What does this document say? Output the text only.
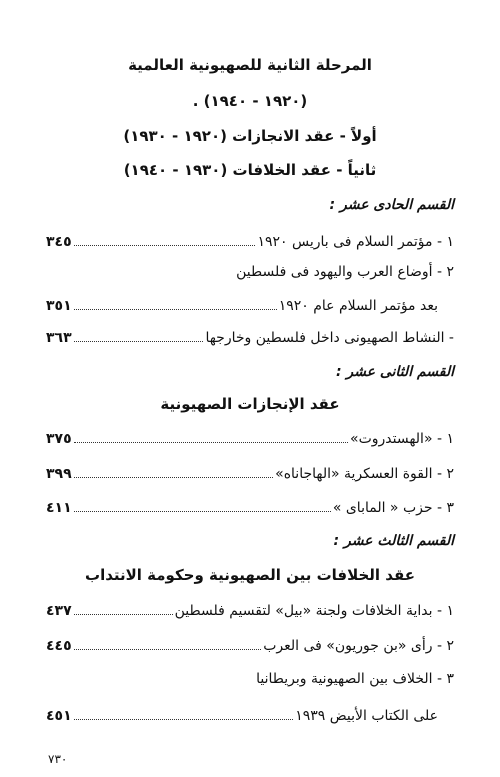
المرحلة الثانية للصهيونية العالمية
(١٩٢٠ - ١٩٤٠) .
أولاً - عقد الانجازات (١٩٢٠ - ١٩٣٠)
ثانياً - عقد الخلافات (١٩٣٠ - ١٩٤٠)
القسم الحادى عشر :
١ - مؤتمر السلام فى باريس ١٩٢٠
٣٤٥
٢ - أوضاع العرب واليهود فى فلسطين
بعد مؤتمر السلام عام ١٩٢٠
٣٥١
- النشاط الصهيونى داخل فلسطين وخارجها
٣٦٣
القسم الثانى عشر :
عقد الإنجازات الصهيونية
١ - «الهستدروت»
٣٧٥
٢ - القوة العسكرية «الهاجاناه»
٣٩٩
٣ - حزب « الماباى »
٤١١
القسم الثالث عشر :
عقد الخلافات بين الصهيونية وحكومة الانتداب
١ - بداية الخلافات ولجنة «بيل» لتقسيم فلسطين
٤٣٧
٢ - رأى «بن جوريون» فى العرب
٤٤٥
٣ - الخلاف بين الصهيونية وبريطانيا
على الكتاب الأبيض ١٩٣٩
٤٥١
٧٣٠
